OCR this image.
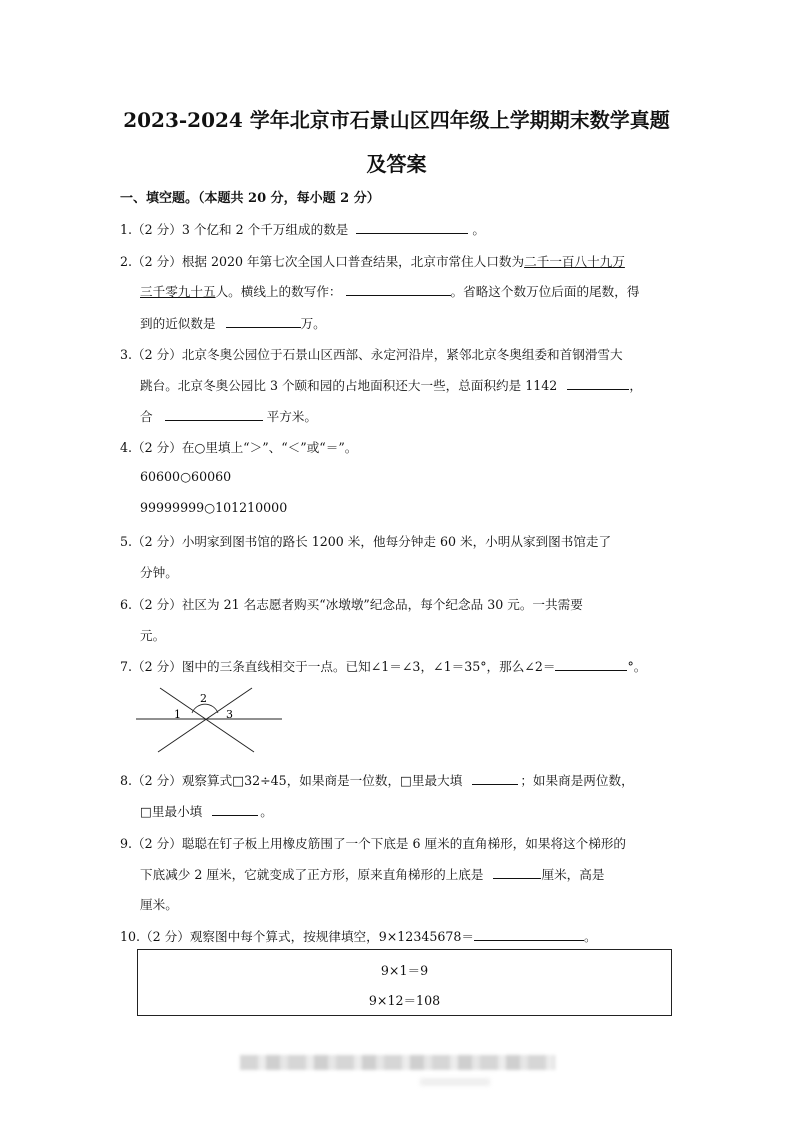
2023-2024 学年北京市石景山区四年级上学期期末数学真题
及答案
一、填空题。（本题共 20 分，每小题 2 分）
1.（2 分）3 个亿和 2 个千万组成的数是	。
2.（2 分）根据 2020 年第七次全国人口普查结果，北京市常住人口数为二千一百八十九万
三千零九十五人。横线上的数写作：	。省略这个数万位后面的尾数，得
到的近似数是	万。
3.（2 分）北京冬奥公园位于石景山区西部、永定河沿岸，紧邻北京冬奥组委和首钢滑雪大
跳台。北京冬奥公园比 3 个颐和园的占地面积还大一些，总面积约是 1142	，
合	平方米。
4.（2 分）在○里填上“＞”、“＜”或“＝”。
60600○60060
99999999○101210000
5.（2 分）小明家到图书馆的路长 1200 米，他每分钟走 60 米，小明从家到图书馆走了
分钟。
6.（2 分）社区为 21 名志愿者购买“冰墩墩”纪念品，每个纪念品 30 元。一共需要
元。
7.（2 分）图中的三条直线相交于一点。已知∠1＝∠3，∠1＝35°，那么∠2＝	°。
1
2
3
8.（2 分）观察算式□32÷45，如果商是一位数，□里最大填	；如果商是两位数，
□里最小填	。
9.（2 分）聪聪在钉子板上用橡皮筋围了一个下底是 6 厘米的直角梯形，如果将这个梯形的
下底减少 2 厘米，它就变成了正方形，原来直角梯形的上底是	厘米，高是
厘米。
10.（2 分）观察图中每个算式，按规律填空，9×12345678＝	。
9×1＝9
9×12＝108
